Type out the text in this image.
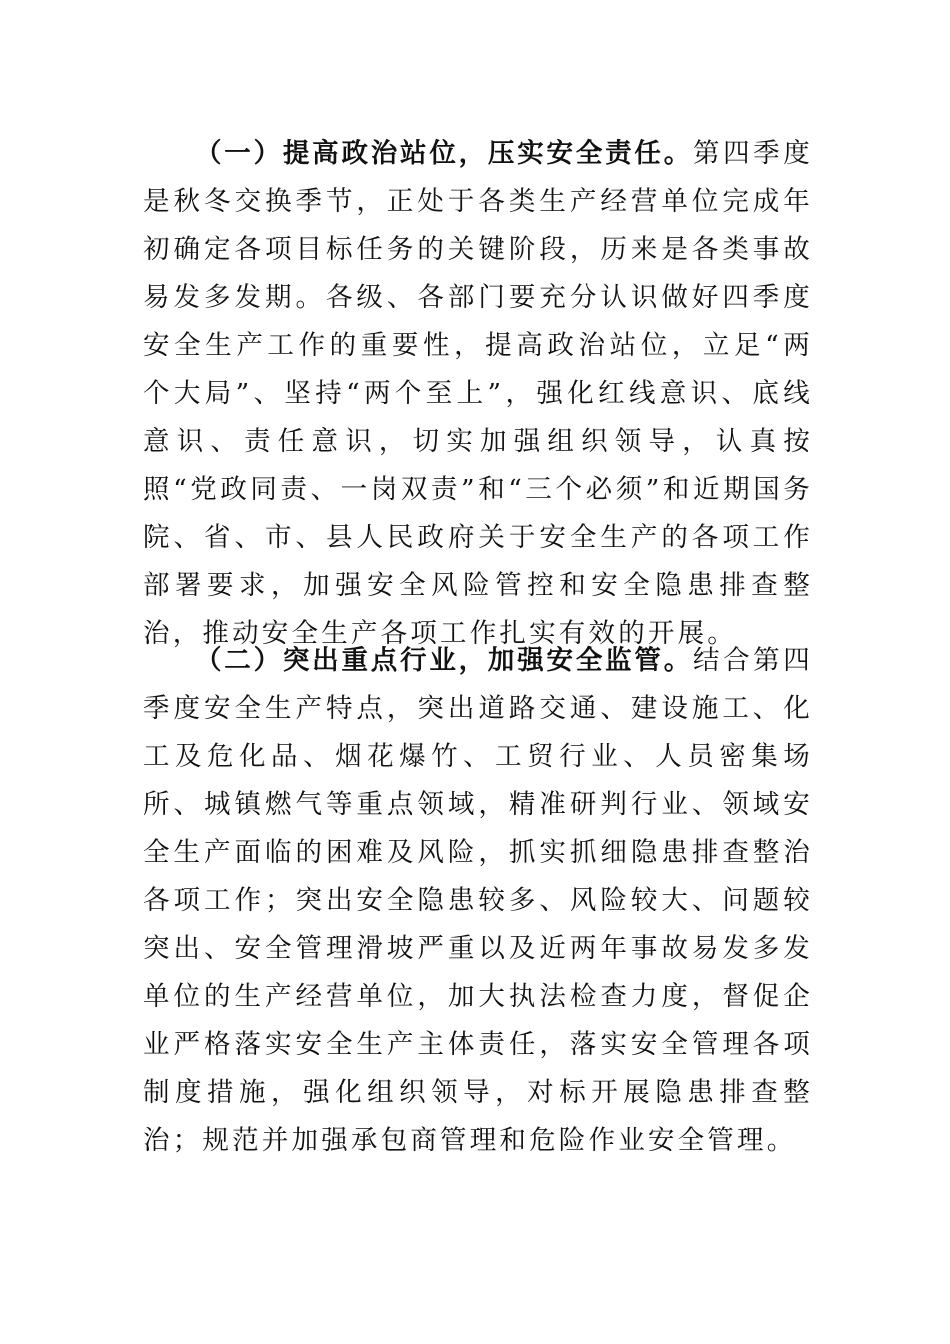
（一）提高政治站位，压实安全责任。第四季度是秋冬交换季节，正处于各类生产经营单位完成年初确定各项目标任务的关键阶段，历来是各类事故易发多发期。各级、各部门要充分认识做好四季度安全生产工作的重要性，提高政治站位，立足“两个大局”、坚持“两个至上”，强化红线意识、底线意识、责任意识，切实加强组织领导，认真按照“党政同责、一岗双责”和“三个必须”和近期国务院、省、市、县人民政府关于安全生产的各项工作部署要求，加强安全风险管控和安全隐患排查整治，推动安全生产各项工作扎实有效的开展。

（二）突出重点行业，加强安全监管。结合第四季度安全生产特点，突出道路交通、建设施工、化工及危化品、烟花爆竹、工贸行业、人员密集场所、城镇燃气等重点领域，精准研判行业、领域安全生产面临的困难及风险，抓实抓细隐患排查整治各项工作；突出安全隐患较多、风险较大、问题较突出、安全管理滑坡严重以及近两年事故易发多发单位的生产经营单位，加大执法检查力度，督促企业严格落实安全生产主体责任，落实安全管理各项制度措施，强化组织领导，对标开展隐患排查整治；规范并加强承包商管理和危险作业安全管理。
